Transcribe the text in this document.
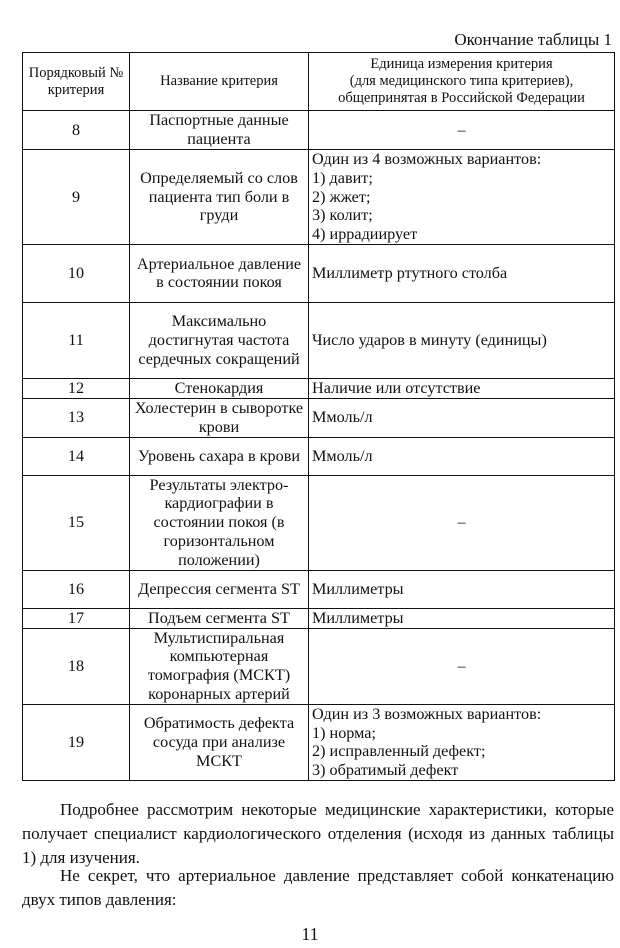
Окончание таблицы 1
Порядковый № критерия	Название критерия	Единица измерения критерия
(для медицинского типа критериев),
общепринятая в Российской Федерации

8	Паспортные данные пациента	–

9	Определяемый со слов пациента тип боли в груди	Один из 4 возможных вариантов:
1) давит;
2) жжет;
3) колит;
4) иррадиирует

10	Артериальное давление в состоянии покоя	Миллиметр ртутного столба

11	Максимально достигнутая частота сердечных сокращений	Число ударов в минуту (единицы)

12	Стенокардия	Наличие или отсутствие

13	Холестерин в сыворотке крови	Ммоль/л

14	Уровень сахара в крови	Ммоль/л

15	Результаты электро-кардиографии в состоянии покоя (в горизонтальном положении)	–

16	Депрессия сегмента ST	Миллиметры

17	Подъем сегмента ST	Миллиметры

18	Мультиспиральная компьютерная томография (МСКТ) коронарных артерий	–

19	Обратимость дефекта сосуда при анализе МСКТ	Один из 3 возможных вариантов:
1) норма;
2) исправленный дефект;
3) обратимый дефект

Подробнее рассмотрим некоторые медицинские характеристики, которые получает специалист кардиологического отделения (исходя из данных таблицы 1) для изучения.

Не секрет, что артериальное давление представляет собой конкатенацию двух типов давления:

11
